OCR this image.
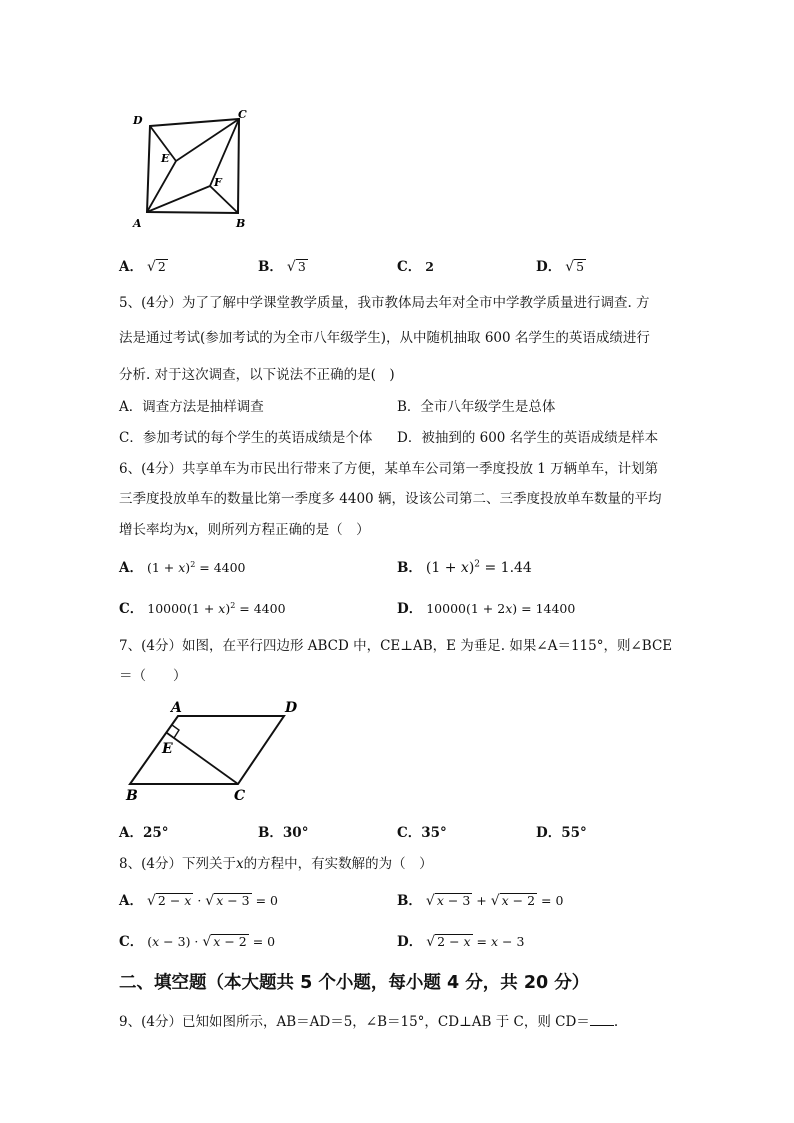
D	C
E
F
A	B
A． √ 2	B． √ 3	C． 2	D． √ 5
5、(4分）为了了解中学课堂教学质量，我市教体局去年对全市中学教学质量进行调查. 方
法是通过考试(参加考试的为全市八年级学生)，从中随机抽取 600 名学生的英语成绩进行
分析. 对于这次调查，以下说法不正确的是(　)
A．调查方法是抽样调查	B．全市八年级学生是总体
C．参加考试的每个学生的英语成绩是个体 D．被抽到的 600 名学生的英语成绩是样本
6、(4分）共享单车为市民出行带来了方便，某单车公司第一季度投放 1 万辆单车，计划第
三季度投放单车的数量比第一季度多 4400 辆，设该公司第二、三季度投放单车数量的平均
增长率均为x，则所列方程正确的是（　）
A． $(1 + x)^2 = 4400$	B． $(1 + x)^2 = 1.44$
C． $10000(1 + x)^2 = 4400$	D． 10000(1 + 2x) = 14400
7、(4分）如图，在平行四边形 ABCD 中，CE⊥AB，E 为垂足. 如果∠A＝115°，则∠BCE
＝（　　）
A	D
E
B	C
A．25°	B．30°	C．35°	D．55°
8、(4分）下列关于x的方程中，有实数解的为（　）
A． √ 2 − x · √ x − 3 = 0	B． √ x − 3 + √ x − 2 = 0
C． (x − 3) · √ x − 2 = 0	D． √ 2 − x = x − 3
二、填空题（本大题共 5 个小题，每小题 4 分，共 20 分）
9、(4分）已知如图所示，AB＝AD＝5，∠B＝15°，CD⊥AB 于 C，则 CD＝ .
